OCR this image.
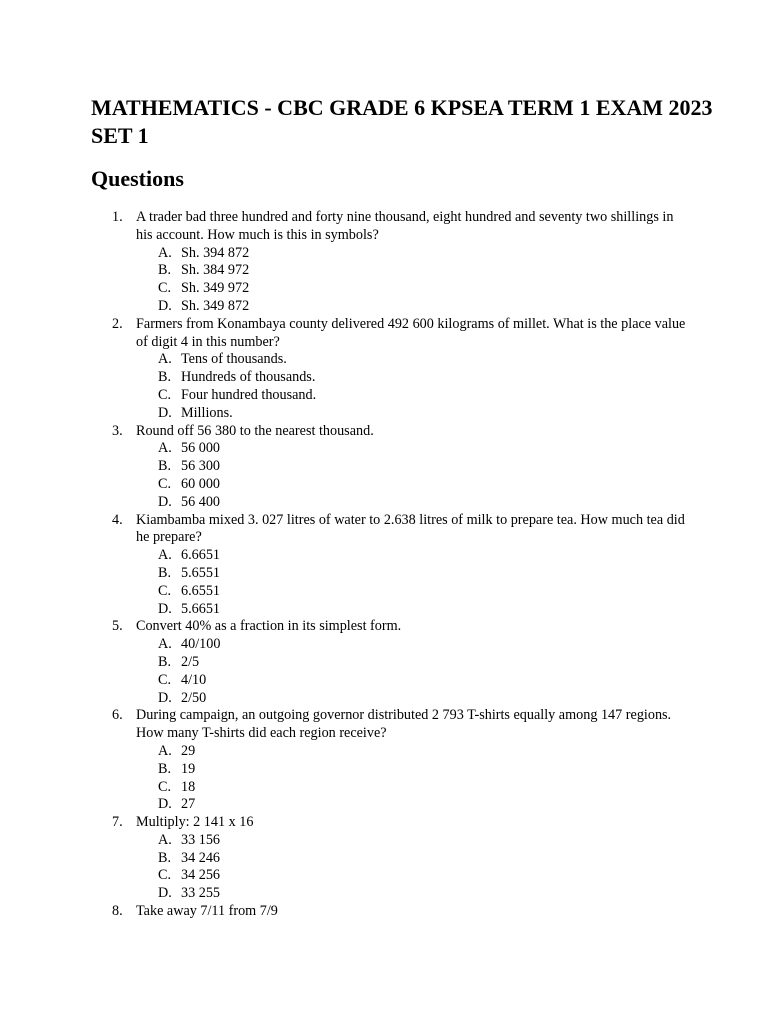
MATHEMATICS - CBC GRADE 6 KPSEA TERM 1 EXAM 2023 SET 1
Questions
1. A trader bad three hundred and forty nine thousand, eight hundred and seventy two shillings in his account. How much is this in symbols?
A. Sh. 394 872
B. Sh. 384 972
C. Sh. 349 972
D. Sh. 349 872
2. Farmers from Konambaya county delivered 492 600 kilograms of millet. What is the place value of digit 4 in this number?
A. Tens of thousands.
B. Hundreds of thousands.
C. Four hundred thousand.
D. Millions.
3. Round off 56 380 to the nearest thousand.
A. 56 000
B. 56 300
C. 60 000
D. 56 400
4. Kiambamba mixed 3. 027 litres of water to 2.638 litres of milk to prepare tea. How much tea did he prepare?
A. 6.6651
B. 5.6551
C. 6.6551
D. 5.6651
5. Convert 40% as a fraction in its simplest form.
A. 40/100
B. 2/5
C. 4/10
D. 2/50
6. During campaign, an outgoing governor distributed 2 793 T-shirts equally among 147 regions. How many T-shirts did each region receive?
A. 29
B. 19
C. 18
D. 27
7. Multiply: 2 141 x 16
A. 33 156
B. 34 246
C. 34 256
D. 33 255
8. Take away 7/11 from 7/9
